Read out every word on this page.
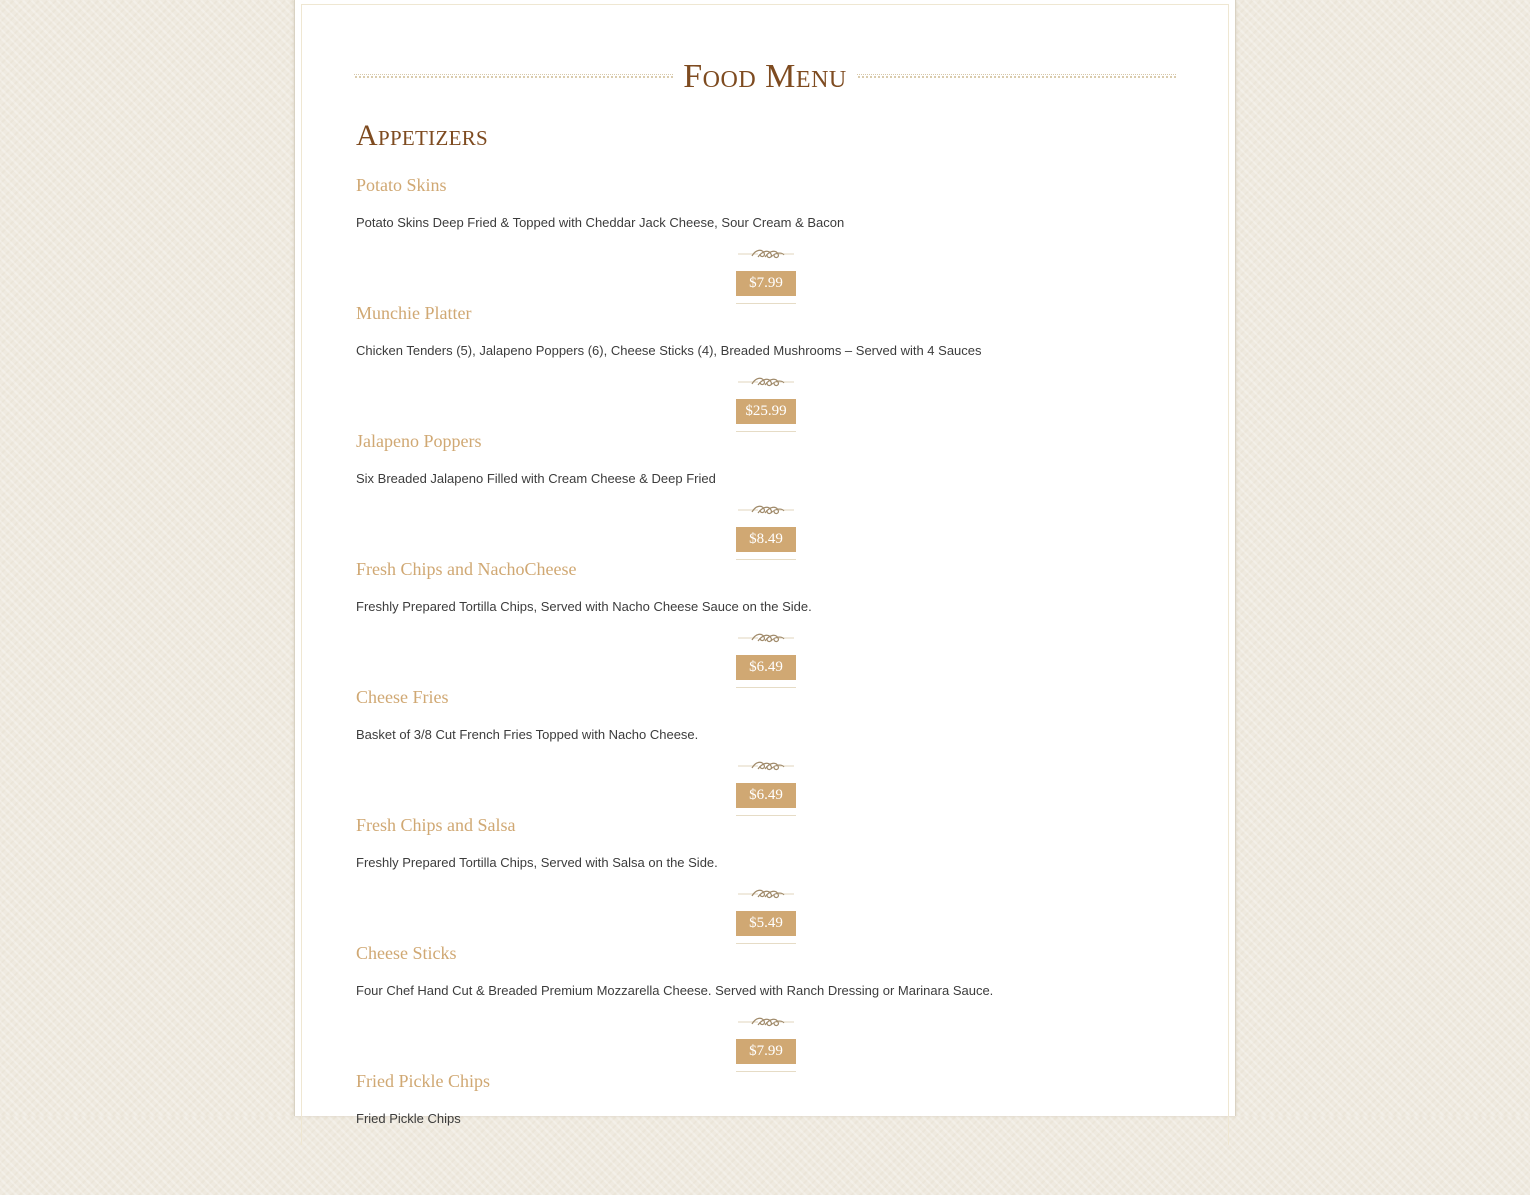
Food Menu
Appetizers
Potato Skins

Potato Skins Deep Fried & Topped with Cheddar Jack Cheese, Sour Cream & Bacon

$7.99
Munchie Platter

Chicken Tenders (5), Jalapeno Poppers (6), Cheese Sticks (4), Breaded Mushrooms – Served with 4 Sauces

$25.99
Jalapeno Poppers

Six Breaded Jalapeno Filled with Cream Cheese & Deep Fried

$8.49
Fresh Chips and NachoCheese

Freshly Prepared Tortilla Chips, Served with Nacho Cheese Sauce on the Side.

$6.49
Cheese Fries

Basket of 3/8 Cut French Fries Topped with Nacho Cheese.

$6.49
Fresh Chips and Salsa

Freshly Prepared Tortilla Chips, Served with Salsa on the Side.

$5.49
Cheese Sticks

Four Chef Hand Cut & Breaded Premium Mozzarella Cheese. Served with Ranch Dressing or Marinara Sauce.

$7.99
Fried Pickle Chips

Fried Pickle Chips
